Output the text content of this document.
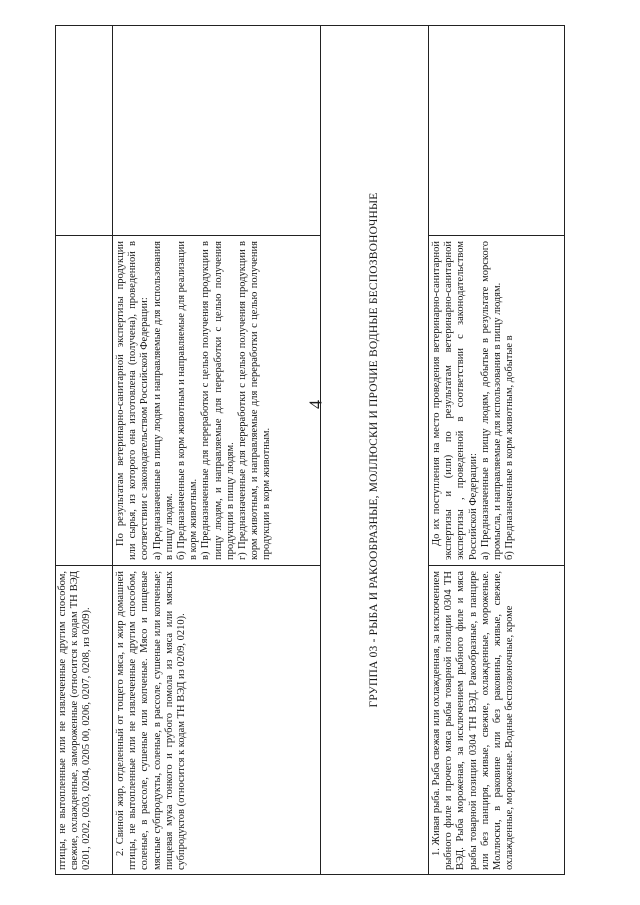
4

птицы, не вытопленные или не извлеченные другим способом, свежие, охлажденные, замороженные (относится к кодам ТН ВЭД 0201, 0202, 0203, 0204, 0205 00, 0206, 0207, 0208, из 0209). 2. Свиной жир, отделенный от тощего мяса, и жир домашней птицы, не вытопленные или не извлеченные другим способом, соленые, в рассоле, сушеные или копченые. Мясо и пищевые мясные субпродукты, соленые, в рассоле, сушеные или копченые; пищевая мука тонкого и грубого помола из мяса или мясных субпродуктов (относится к кодам ТН ВЭД из 0209, 0210).

По результатам ветеринарно-санитарной экспертизы продукции или сырья, из которого она изготовлена (получена), проведенной в соответствии с законодательством Российской Федерации: а) Предназначенные в пищу людям и направляемые для использования в пищу людям. б) Предназначенные в корм животным и направляемые для реализации в корм животным. в) Предназначенные для переработки с целью получения продукции в пищу людям, и направляемые для переработки с целью получения продукции в пищу людям. г) Предназначенные для переработки с целью получения продукции в корм животным, и направляемые для переработки с целью получения продукции в корм животным.	ГРУППА 03 - РЫБА И РАКООБРАЗНЫЕ, МОЛЛЮСКИ И ПРОЧИЕ ВОДНЫЕ БЕСПОЗВОНОЧНЫЕ

1. Живая рыба. Рыба свежая или охлажденная, за исключением рыбного филе и прочего мяса рыбы товарной позиции 0304 ТН ВЭД. Рыба мороженая, за исключением рыбного филе и мяса рыбы товарной позиции 0304 ТН ВЭД. Ракообразные, в панцире или без панциря, живые, свежие, охлажденные, мороженые. Моллюски, в раковине или без раковины, живые, свежие, охлажденные, мороженые. Водные беспозвоночные, кроме

До их поступления на место проведения ветеринарно-санитарной экспертизы и (или) по результатам ветеринарно-санитарной экспертизы , проведенной в соответствии с законодательством Российской Федерации: а) Предназначенные в пищу людям, добытые в результате морского промысла, и направляемые для использования в пищу людям. б) Предназначенные в корм животным, добытые в
